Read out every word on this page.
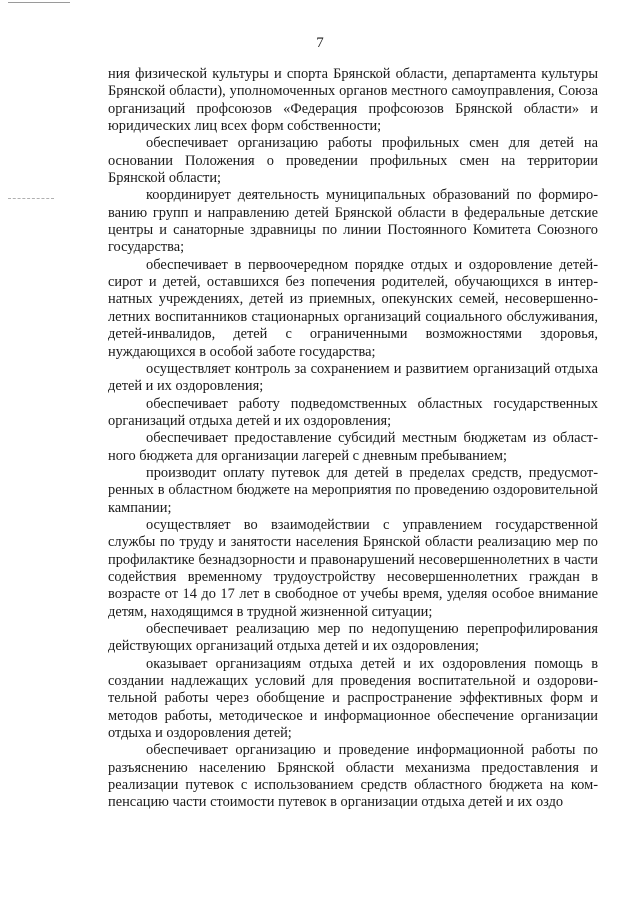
7

ния физической культуры и спорта Брянской области, департамента культуры Брянской области), уполномоченных органов местного самоуправления, Союза организаций профсоюзов «Федерация профсоюзов Брянской области» и юридических лиц всех форм собственности;

обеспечивает организацию работы профильных смен для детей на основании Положения о проведении профильных смен на территории Брянской области;

координирует деятельность муниципальных образований по формированию групп и направлению детей Брянской области в федеральные детские центры и санаторные здравницы по линии Постоянного Комитета Союзного государства;

обеспечивает в первоочередном порядке отдых и оздоровление детей-сирот и детей, оставшихся без попечения родителей, обучающихся в интернатных учреждениях, детей из приемных, опекунских семей, несовершеннолетних воспитанников стационарных организаций социального обслуживания, детей-инвалидов, детей с ограниченными возможностями здоровья, нуждающихся в особой заботе государства;

осуществляет контроль за сохранением и развитием организаций отдыха детей и их оздоровления;

обеспечивает работу подведомственных областных государственных организаций отдыха детей и их оздоровления;

обеспечивает предоставление субсидий местным бюджетам из областного бюджета для организации лагерей с дневным пребыванием;

производит оплату путевок для детей в пределах средств, предусмотренных в областном бюджете на мероприятия по проведению оздоровительной кампании;

осуществляет во взаимодействии с управлением государственной службы по труду и занятости населения Брянской области реализацию мер по профилактике безнадзорности и правонарушений несовершеннолетних в части содействия временному трудоустройству несовершеннолетних граждан в возрасте от 14 до 17 лет в свободное от учебы время, уделяя особое внимание детям, находящимся в трудной жизненной ситуации;

обеспечивает реализацию мер по недопущению перепрофилирования действующих организаций отдыха детей и их оздоровления;

оказывает организациям отдыха детей и их оздоровления помощь в создании надлежащих условий для проведения воспитательной и оздоровительной работы через обобщение и распространение эффективных форм и методов работы, методическое и информационное обеспечение организации отдыха и оздоровления детей;

обеспечивает организацию и проведение информационной работы по разъяснению населению Брянской области механизма предоставления и реализации путевок с использованием средств областного бюджета на компенсацию части стоимости путевок в организации отдыха детей и их оздо
